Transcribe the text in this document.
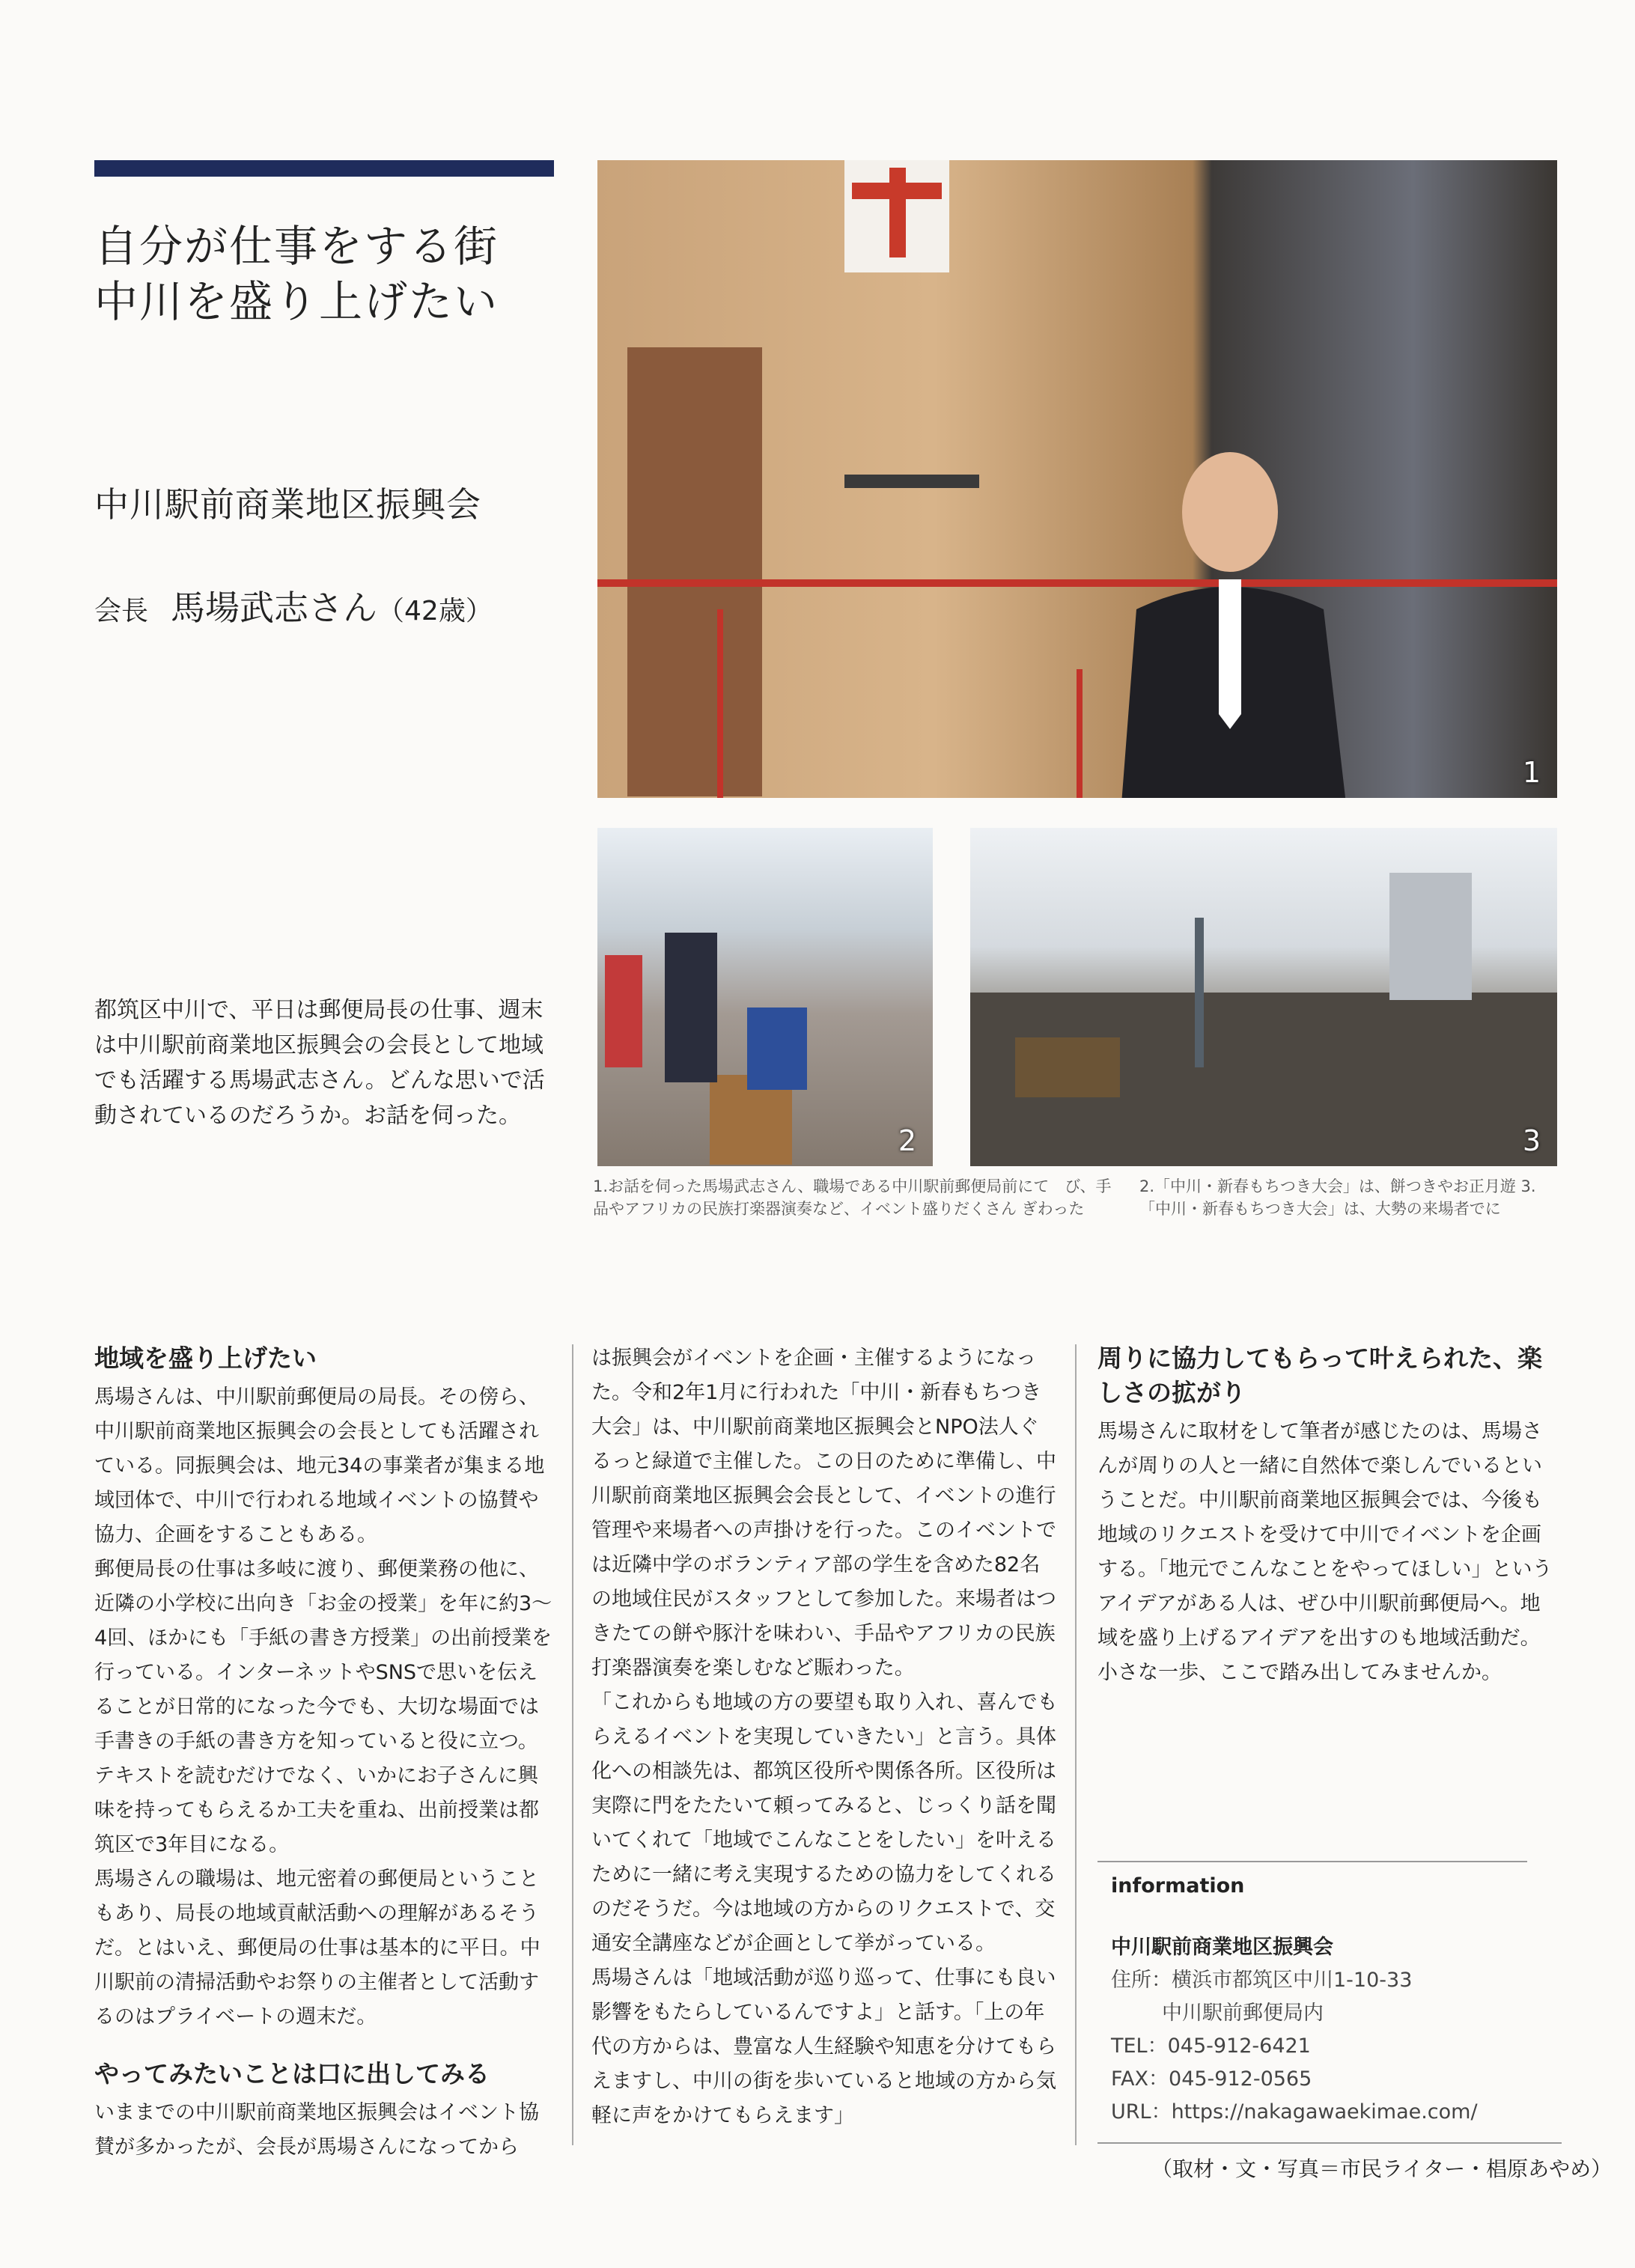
自分が仕事をする街
中川を盛り上げたい
中川駅前商業地区振興会
会長 馬場武志さん（42歳）
1
2	3
1.お話を伺った馬場武志さん、職場である中川駅前郵便局前にて　び、手品やアフリカの民族打楽器演奏など、イベント盛りだくさん ぎわった
2.「中川・新春もちつき大会」は、餅つきやお正月遊 3.「中川・新春もちつき大会」は、大勢の来場者でに
都筑区中川で、平日は郵便局長の仕事、週末は中川駅前商業地区振興会の会長として地域でも活躍する馬場武志さん。どんな思いで活動されているのだろうか。お話を伺った。
地域を盛り上げたい

馬場さんは、中川駅前郵便局の局長。その傍ら、中川駅前商業地区振興会の会長としても活躍されている。同振興会は、地元34の事業者が集まる地域団体で、中川で行われる地域イベントの協賛や協力、企画をすることもある。

郵便局長の仕事は多岐に渡り、郵便業務の他に、近隣の小学校に出向き「お金の授業」を年に約3～4回、ほかにも「手紙の書き方授業」の出前授業を行っている。インターネットやSNSで思いを伝えることが日常的になった今でも、大切な場面では手書きの手紙の書き方を知っていると役に立つ。テキストを読むだけでなく、いかにお子さんに興味を持ってもらえるか工夫を重ね、出前授業は都筑区で3年目になる。

馬場さんの職場は、地元密着の郵便局ということもあり、局長の地域貢献活動への理解があるそうだ。とはいえ、郵便局の仕事は基本的に平日。中川駅前の清掃活動やお祭りの主催者として活動するのはプライベートの週末だ。

やってみたいことは口に出してみる

いままでの中川駅前商業地区振興会はイベント協賛が多かったが、会長が馬場さんになってから

は振興会がイベントを企画・主催するようになった。令和2年1月に行われた「中川・新春もちつき大会」は、中川駅前商業地区振興会とNPO法人ぐるっと緑道で主催した。この日のために準備し、中川駅前商業地区振興会会長として、イベントの進行管理や来場者への声掛けを行った。このイベントでは近隣中学のボランティア部の学生を含めた82名の地域住民がスタッフとして参加した。来場者はつきたての餅や豚汁を味わい、手品やアフリカの民族打楽器演奏を楽しむなど賑わった。

「これからも地域の方の要望も取り入れ、喜んでもらえるイベントを実現していきたい」と言う。具体化への相談先は、都筑区役所や関係各所。区役所は実際に門をたたいて頼ってみると、じっくり話を聞いてくれて「地域でこんなことをしたい」を叶えるために一緒に考え実現するための協力をしてくれるのだそうだ。今は地域の方からのリクエストで、交通安全講座などが企画として挙がっている。

馬場さんは「地域活動が巡り巡って、仕事にも良い影響をもたらしているんですよ」と話す。「上の年代の方からは、豊富な人生経験や知恵を分けてもらえますし、中川の街を歩いていると地域の方から気軽に声をかけてもらえます」

周りに協力してもらって叶えられた、楽しさの拡がり

馬場さんに取材をして筆者が感じたのは、馬場さんが周りの人と一緒に自然体で楽しんでいるということだ。中川駅前商業地区振興会では、今後も地域のリクエストを受けて中川でイベントを企画する。「地元でこんなことをやってほしい」というアイデアがある人は、ぜひ中川駅前郵便局へ。地域を盛り上げるアイデアを出すのも地域活動だ。小さな一歩、ここで踏み出してみませんか。

information
中川駅前商業地区振興会
住所：横浜市都筑区中川1-10-33
中川駅前郵便局内
TEL：045-912-6421
FAX：045-912-0565
URL：https://nakagawaekimae.com/
（取材・文・写真＝市民ライター・椙原あやめ）
